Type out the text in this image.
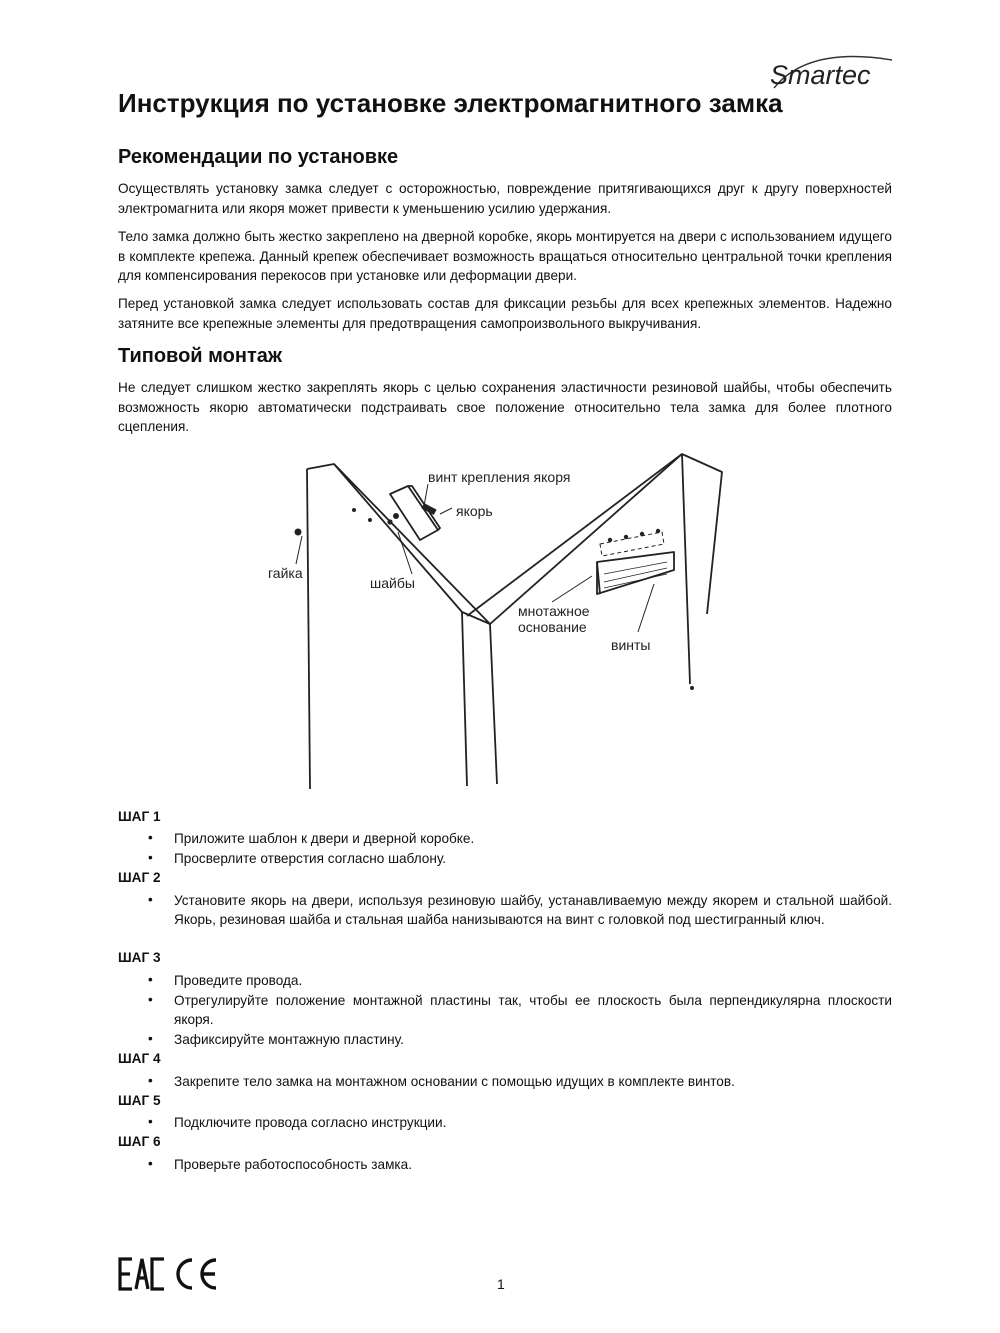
Smartec
Инструкция по установке электромагнитного замка
Рекомендации по установке

Осуществлять установку замка следует с осторожностью, повреждение притягивающихся друг к другу поверхностей электромагнита или якоря может привести к уменьшению усилию удержания.

Тело замка должно быть жестко закреплено на дверной коробке, якорь монтируется на двери с использованием идущего в комплекте крепежа. Данный крепеж обеспечивает возможность вращаться относительно центральной точки крепления для компенсирования перекосов при установке или деформации двери.

Перед установкой замка следует использовать состав для фиксации резьбы для всех крепежных элементов. Надежно затяните все крепежные элементы для предотвращения самопроизвольного выкручивания.

Типовой монтаж

Не следует слишком жестко закреплять якорь с целью сохранения эластичности резиновой шайбы, чтобы обеспечить возможность якорю автоматически подстраивать свое положение относительно тела замка для более плотного сцепления.

винт крепления якоря
якорь
гайка
шайбы
мнотажное
основание
винты
ШАГ 1
• Приложите шаблон к двери и дверной коробке.
• Просверлите отверстия согласно шаблону.
ШАГ 2
• Установите якорь на двери, используя резиновую шайбу, устанавливаемую между якорем и стальной шайбой. Якорь, резиновая шайба и стальная шайба нанизываются на винт с головкой под шестигранный ключ.
ШАГ 3
• Проведите провода.
• Отрегулируйте положение монтажной пластины так, чтобы ее плоскость была перпендикулярна плоскости якоря.
• Зафиксируйте монтажную пластину.
ШАГ 4
• Закрепите тело замка на монтажном основании с помощью идущих в комплекте винтов.
ШАГ 5
• Подключите провода согласно инструкции.
ШАГ 6
• Проверьте работоспособность замка.
1
